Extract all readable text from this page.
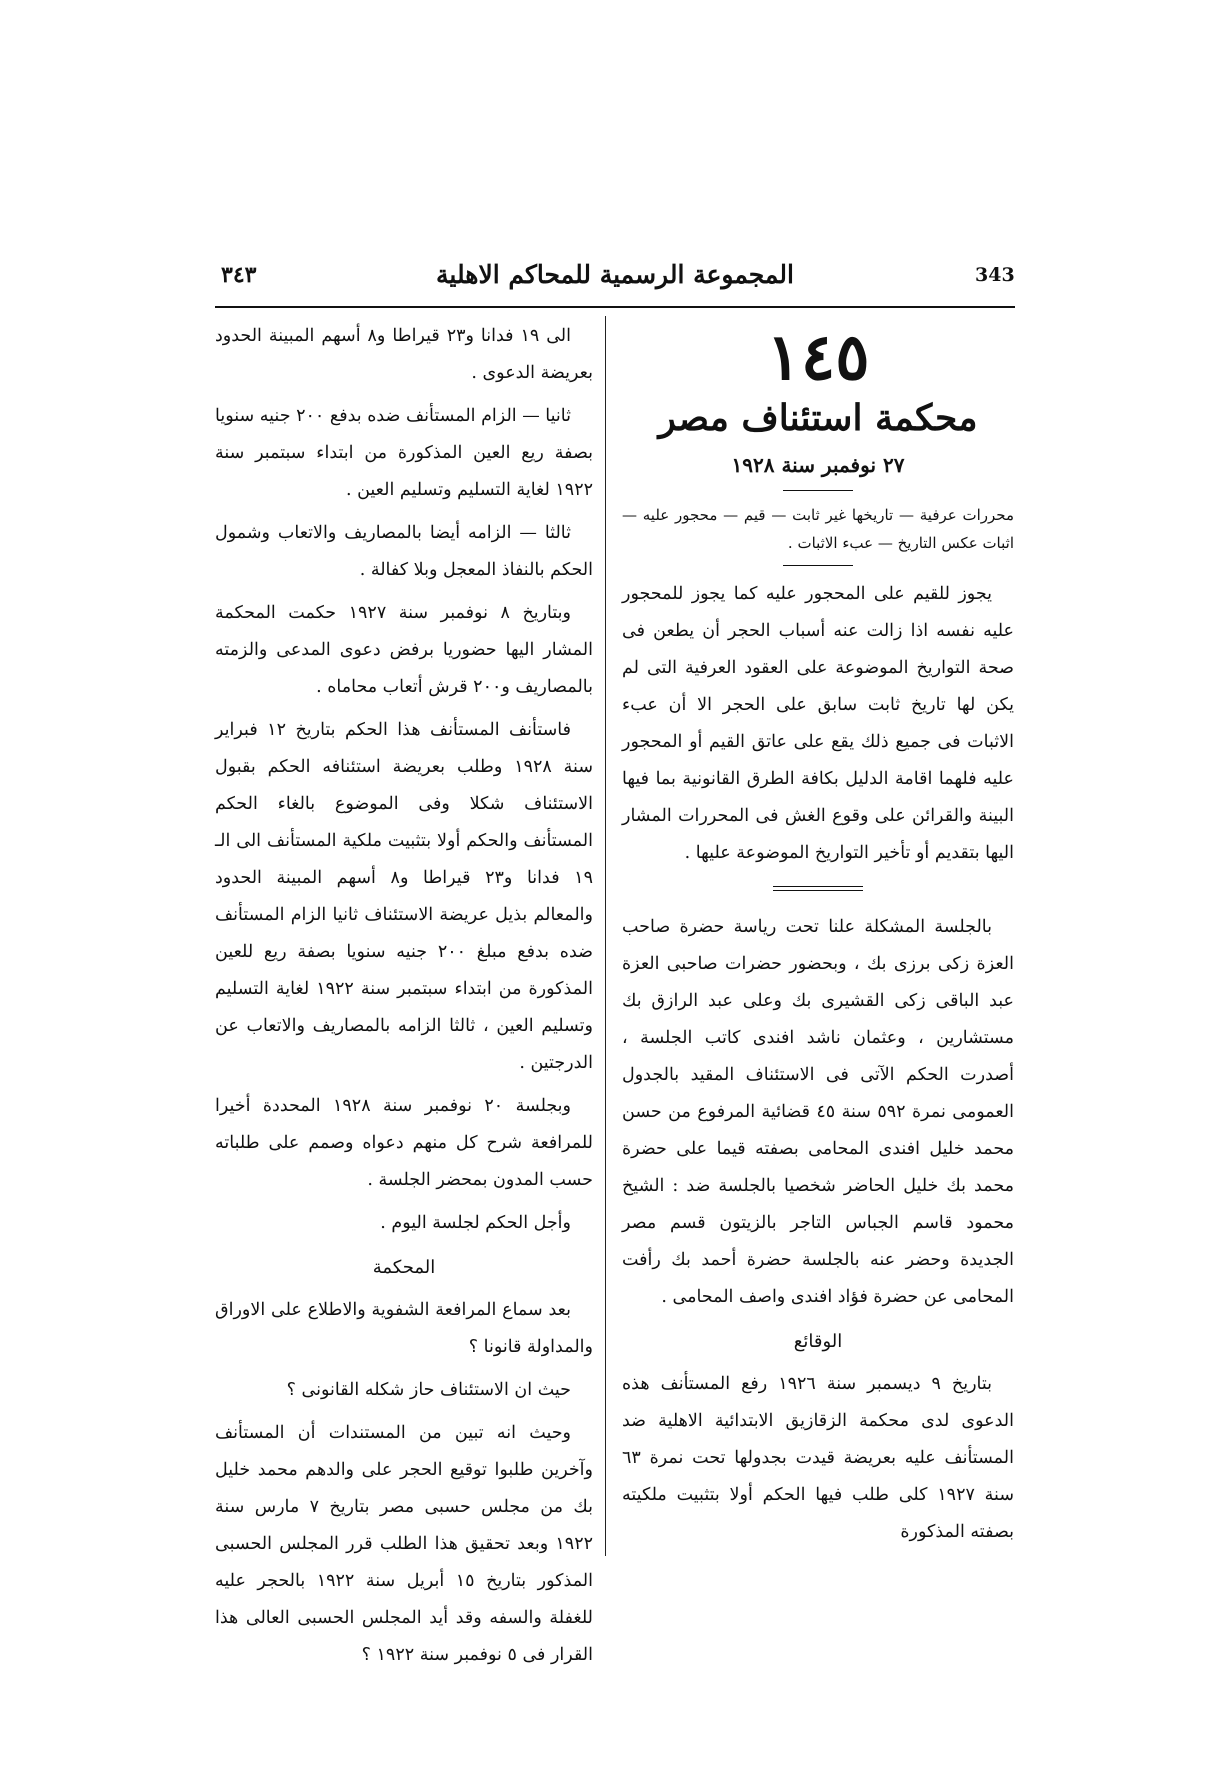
343
المجموعة الرسمية للمحاكم الاهلية
٣٤٣
١٤٥
محكمة استئناف مصر
٢٧ نوفمبر سنة ١٩٢٨

محررات عرفية — تاريخها غير ثابت — قيم — محجور عليه — اثبات عكس التاريخ — عبء الاثبات .

يجوز للقيم على المحجور عليه كما يجوز للمحجور عليه نفسه اذا زالت عنه أسباب الحجر أن يطعن فى صحة التواريخ الموضوعة على العقود العرفية التى لم يكن لها تاريخ ثابت سابق على الحجر الا أن عبء الاثبات فى جميع ذلك يقع على عاتق القيم أو المحجور عليه فلهما اقامة الدليل بكافة الطرق القانونية بما فيها البينة والقرائن على وقوع الغش فى المحررات المشار اليها بتقديم أو تأخير التواريخ الموضوعة عليها .

بالجلسة المشكلة علنا تحت رياسة حضرة صاحب العزة زكى برزى بك ، وبحضور حضرات صاحبى العزة عبد الباقى زكى القشيرى بك وعلى عبد الرازق بك مستشارين ، وعثمان ناشد افندى كاتب الجلسة ، أصدرت الحكم الآتى فى الاستئناف المقيد بالجدول العمومى نمرة ٥٩٢ سنة ٤٥ قضائية المرفوع من حسن محمد خليل افندى المحامى بصفته قيما على حضرة محمد بك خليل الحاضر شخصيا بالجلسة ضد : الشيخ محمود قاسم الجباس التاجر بالزيتون قسم مصر الجديدة وحضر عنه بالجلسة حضرة أحمد بك رأفت المحامى عن حضرة فؤاد افندى واصف المحامى .

الوقائع

بتاريخ ٩ ديسمبر سنة ١٩٢٦ رفع المستأنف هذه الدعوى لدى محكمة الزقازيق الابتدائية الاهلية ضد المستأنف عليه بعريضة قيدت بجدولها تحت نمرة ٦٣ سنة ١٩٢٧ كلى طلب فيها الحكم أولا بتثبيت ملكيته بصفته المذكورة

الى ١٩ فدانا و٢٣ قيراطا و٨ أسهم المبينة الحدود بعريضة الدعوى .

ثانيا — الزام المستأنف ضده بدفع ٢٠٠ جنيه سنويا بصفة ريع العين المذكورة من ابتداء سبتمبر سنة ١٩٢٢ لغاية التسليم وتسليم العين .

ثالثا — الزامه أيضا بالمصاريف والاتعاب وشمول الحكم بالنفاذ المعجل وبلا كفالة .

وبتاريخ ٨ نوفمبر سنة ١٩٢٧ حكمت المحكمة المشار اليها حضوريا برفض دعوى المدعى والزمته بالمصاريف و٢٠٠ قرش أتعاب محاماه .

فاستأنف المستأنف هذا الحكم بتاريخ ١٢ فبراير سنة ١٩٢٨ وطلب بعريضة استئنافه الحكم بقبول الاستئناف شكلا وفى الموضوع بالغاء الحكم المستأنف والحكم أولا بتثبيت ملكية المستأنف الى الـ ١٩ فدانا و٢٣ قيراطا و٨ أسهم المبينة الحدود والمعالم بذيل عريضة الاستئناف ثانيا الزام المستأنف ضده بدفع مبلغ ٢٠٠ جنيه سنويا بصفة ريع للعين المذكورة من ابتداء سبتمبر سنة ١٩٢٢ لغاية التسليم وتسليم العين ، ثالثا الزامه بالمصاريف والاتعاب عن الدرجتين .

وبجلسة ٢٠ نوفمبر سنة ١٩٢٨ المحددة أخيرا للمرافعة شرح كل منهم دعواه وصمم على طلباته حسب المدون بمحضر الجلسة .

وأجل الحكم لجلسة اليوم .

المحكمة

بعد سماع المرافعة الشفوية والاطلاع على الاوراق والمداولة قانونا ؟

حيث ان الاستئناف حاز شكله القانونى ؟

وحيث انه تبين من المستندات أن المستأنف وآخرين طلبوا توقيع الحجر على والدهم محمد خليل بك من مجلس حسبى مصر بتاريخ ٧ مارس سنة ١٩٢٢ وبعد تحقيق هذا الطلب قرر المجلس الحسبى المذكور بتاريخ ١٥ أبريل سنة ١٩٢٢ بالحجر عليه للغفلة والسفه وقد أيد المجلس الحسبى العالى هذا القرار فى ٥ نوفمبر سنة ١٩٢٢ ؟
